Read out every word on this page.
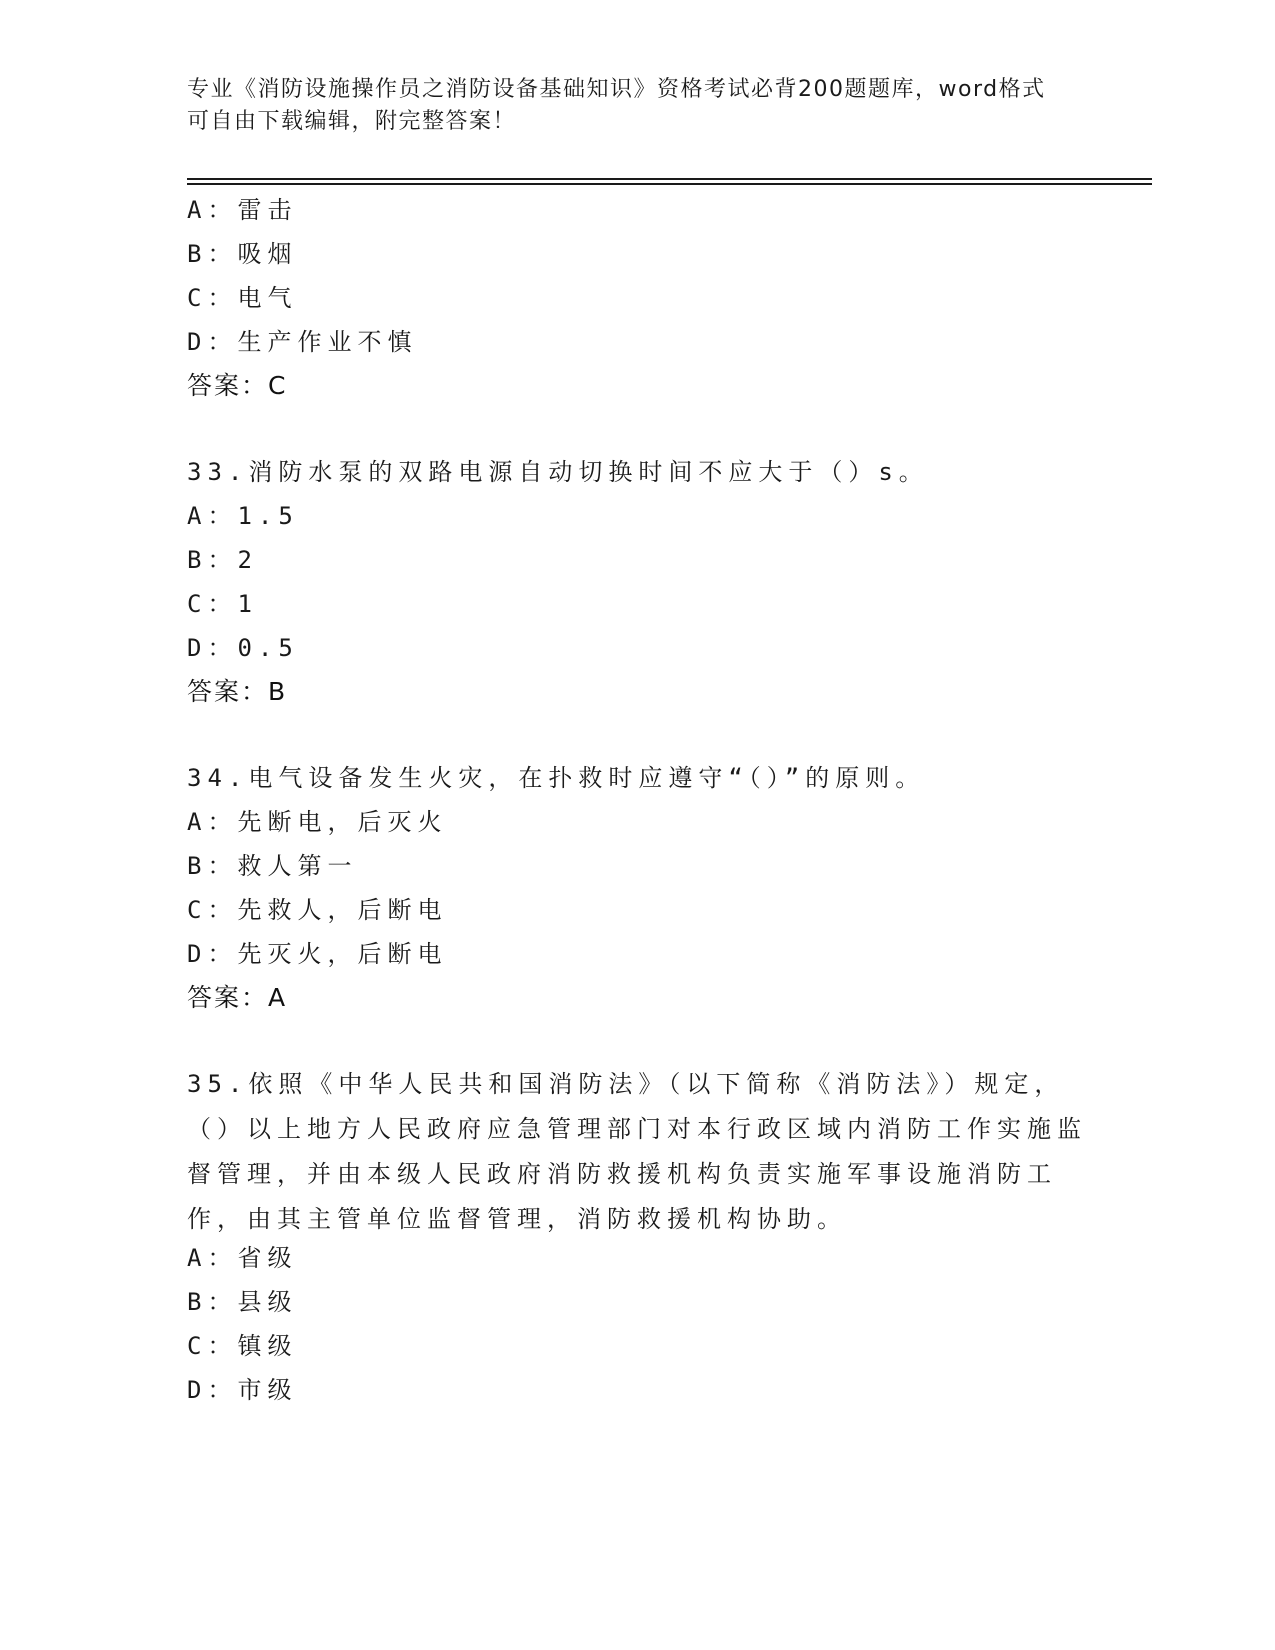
专业《消防设施操作员之消防设备基础知识》资格考试必背200题题库，word格式可自由下载编辑，附完整答案！
A：雷击
B：吸烟
C：电气
D：生产作业不慎
答案：C
33.消防水泵的双路电源自动切换时间不应大于（）s。
A：1.5
B：2
C：1
D：0.5
答案：B
34.电气设备发生火灾，在扑救时应遵守“（）”的原则。
A：先断电，后灭火
B：救人第一
C：先救人，后断电
D：先灭火，后断电
答案：A
35.依照《中华人民共和国消防法》（以下简称《消防法》）规定，（）以上地方人民政府应急管理部门对本行政区域内消防工作实施监督管理，并由本级人民政府消防救援机构负责实施军事设施消防工作，由其主管单位监督管理，消防救援机构协助。
A：省级
B：县级
C：镇级
D：市级
